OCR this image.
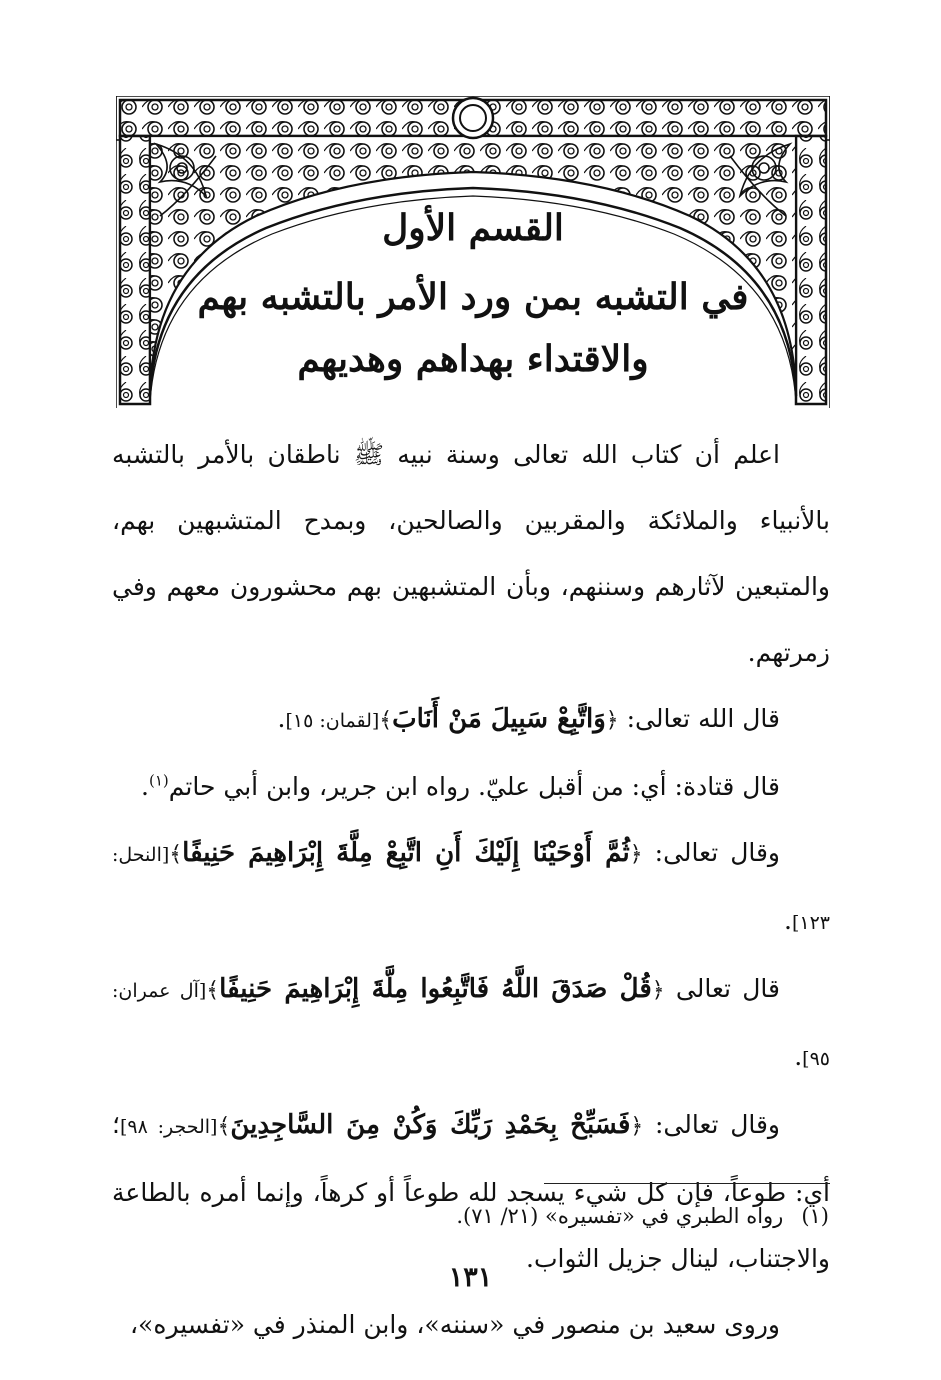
القسم الأول
في التشبه بمن ورد الأمر بالتشبه بهم
والاقتداء بهداهم وهديهم

اعلم أن كتاب الله تعالى وسنة نبيه ﷺ ناطقان بالأمر بالتشبه بالأنبياء والملائكة والمقربين والصالحين، وبمدح المتشبهين بهم، والمتبعين لآثارهم وسننهم، وبأن المتشبهين بهم محشورون معهم وفي زمرتهم.

قال الله تعالى: ﴿وَاتَّبِعْ سَبِيلَ مَنْ أَنَابَ﴾[لقمان: ١٥].

قال قتادة: أي: من أقبل عليّ. رواه ابن جرير، وابن أبي حاتم$^{(١)}$.

وقال تعالى: ﴿ثُمَّ أَوْحَيْنَا إِلَيْكَ أَنِ اتَّبِعْ مِلَّةَ إِبْرَاهِيمَ حَنِيفًا﴾[النحل: ١٢٣].

قال تعالى ﴿قُلْ صَدَقَ اللَّهُ فَاتَّبِعُوا مِلَّةَ إِبْرَاهِيمَ حَنِيفًا﴾[آل عمران: ٩٥].

وقال تعالى: ﴿فَسَبِّحْ بِحَمْدِ رَبِّكَ وَكُنْ مِنَ السَّاجِدِينَ﴾[الحجر: ٩٨]؛ أي: طوعاً، فإن كل شيء يسجد لله طوعاً أو كرهاً، وإنما أمره بالطاعة والاجتناب، لينال جزيل الثواب.

وروى سعيد بن منصور في «سننه»، وابن المنذر في «تفسيره»،

(١)رواه الطبري في «تفسيره» (٢١/ ٧١).
١٣١
